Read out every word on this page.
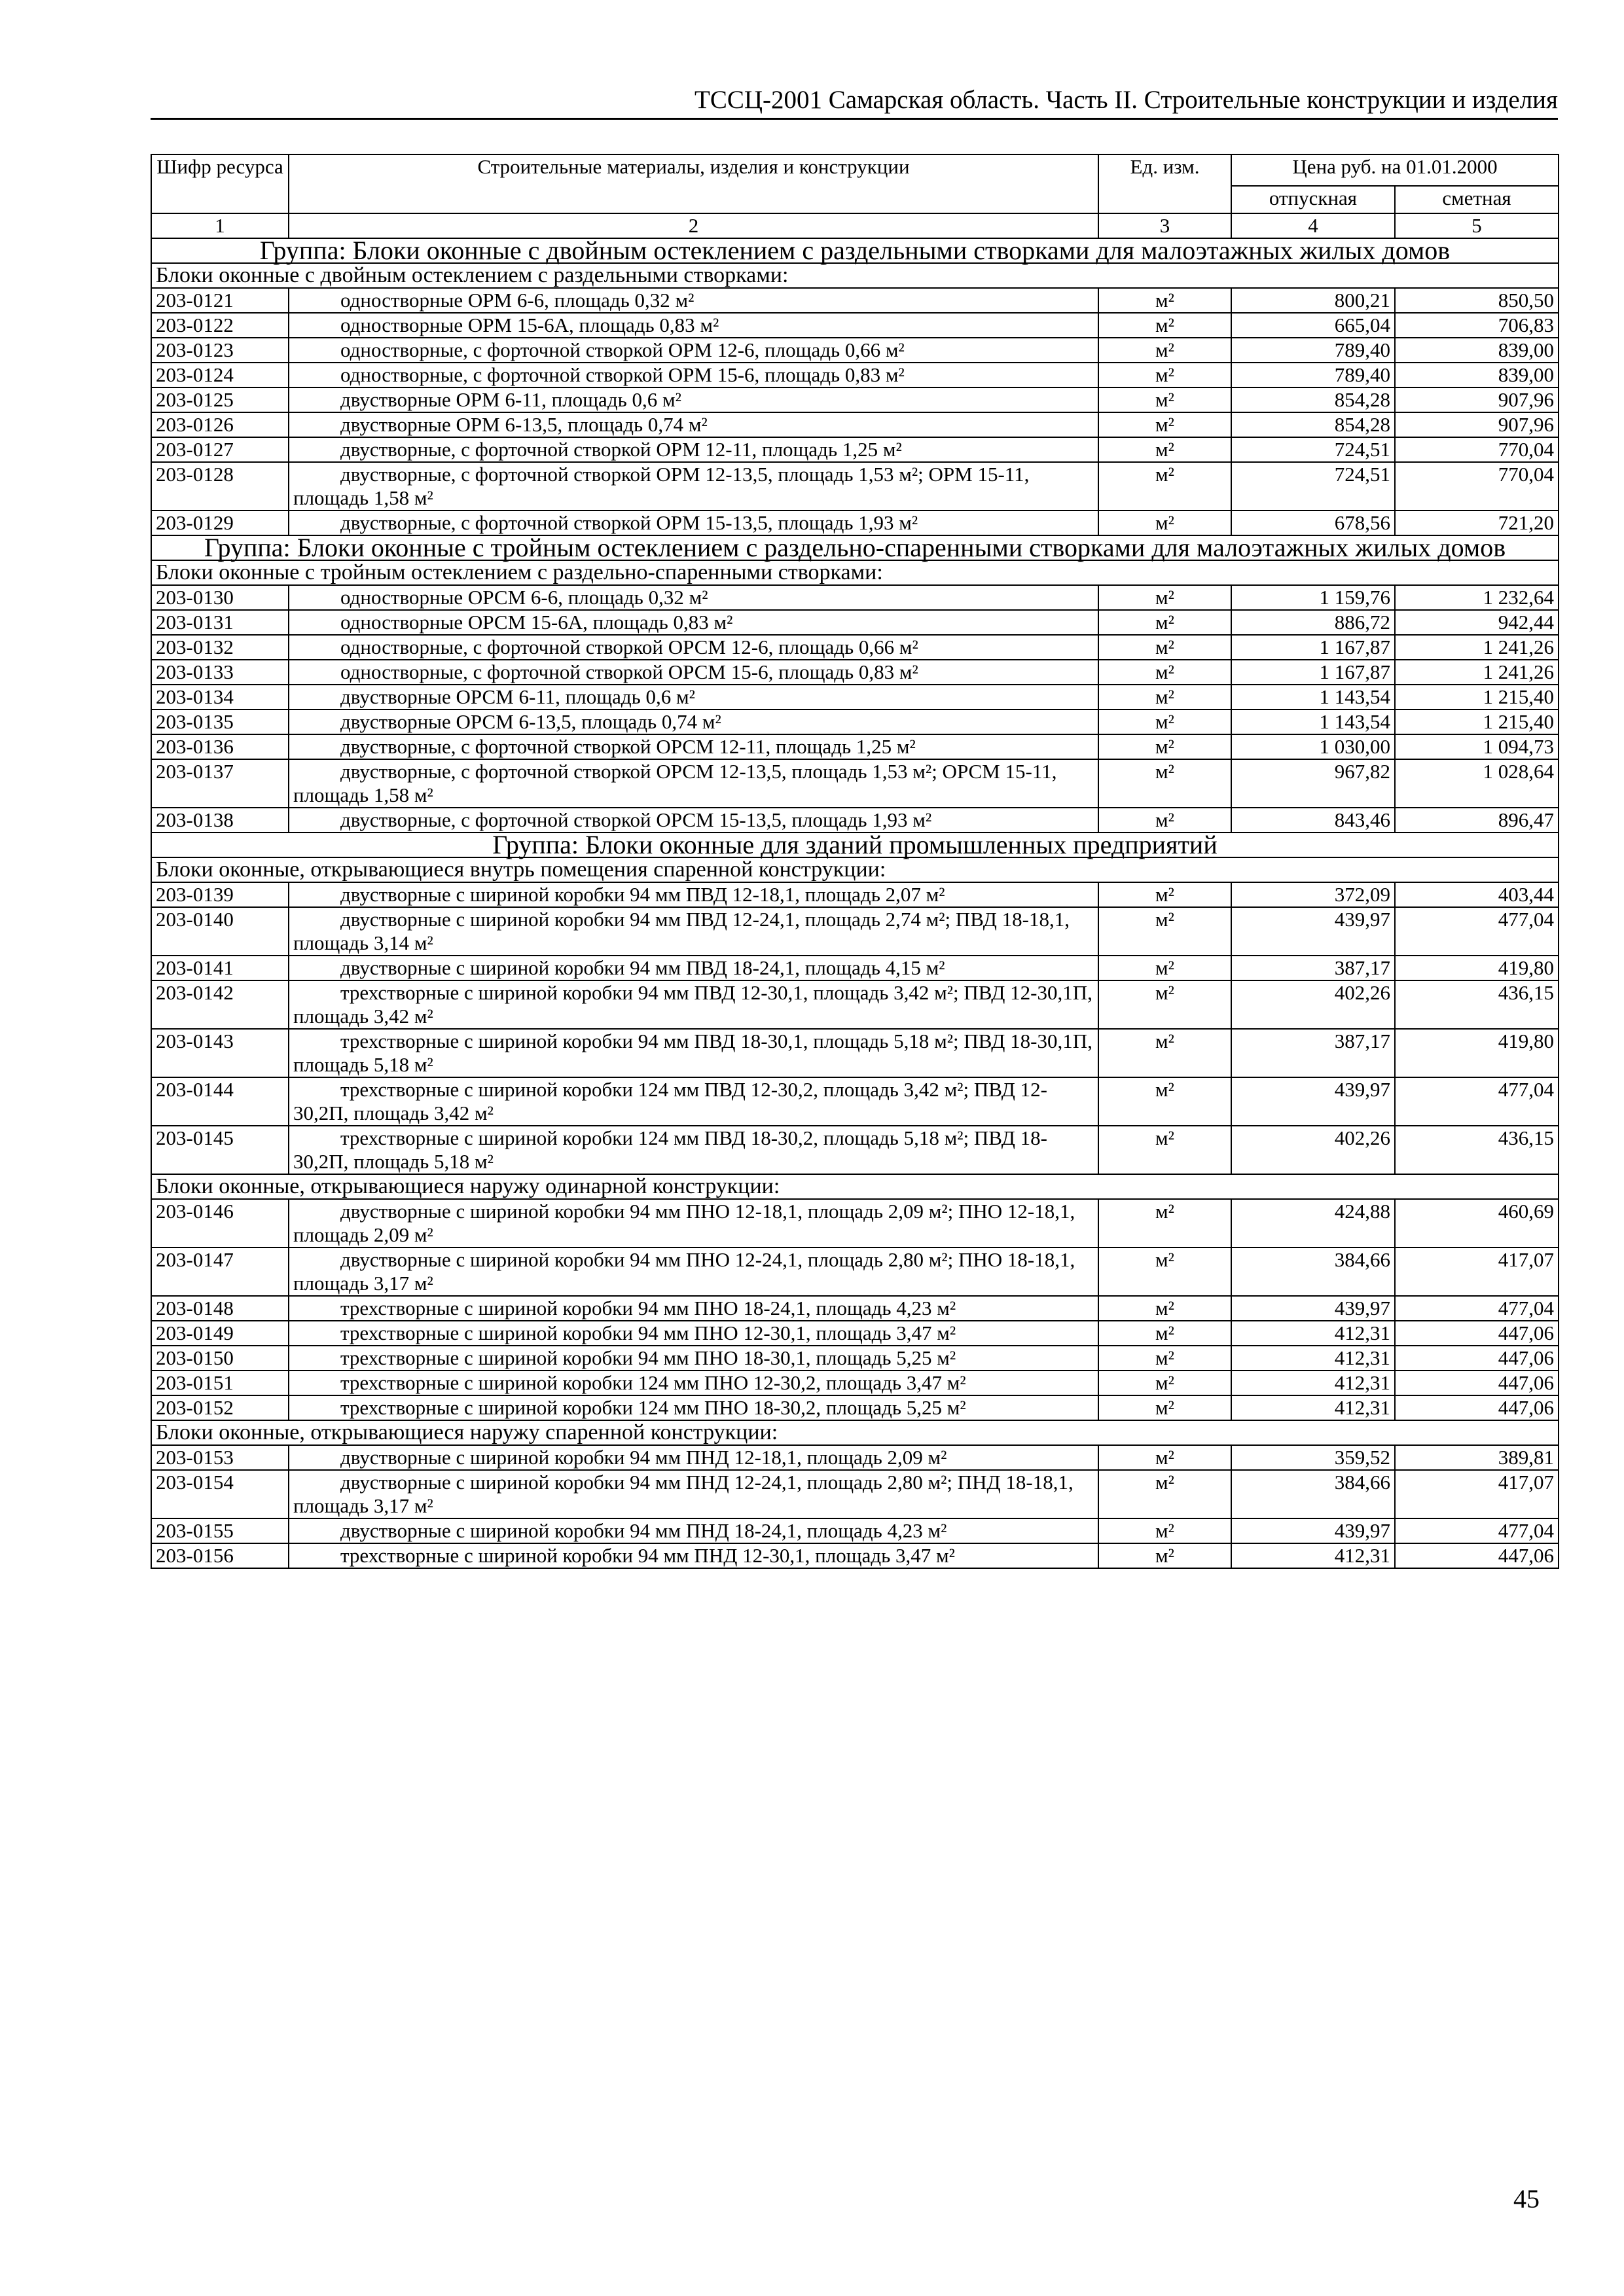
ТССЦ-2001 Самарская область. Часть II. Строительные конструкции и изделия
Шифр ресурса	Строительные материалы, изделия и конструкции	Ед. изм.	Цена руб. на 01.01.2000	
			отпускная	сметная
1	2	3	4	5
Группа: Блоки оконные с двойным остеклением с раздельными створками для малоэтажных жилых домов				
Блоки оконные с двойным остеклением с раздельными створками:				
203-0121	одностворные ОРМ 6-6, площадь 0,32 м²	м²	800,21	850,50
203-0122	одностворные ОРМ 15-6А, площадь 0,83 м²	м²	665,04	706,83
203-0123	одностворные, с форточной створкой ОРМ 12-6, площадь 0,66 м²	м²	789,40	839,00
203-0124	одностворные, с форточной створкой ОРМ 15-6, площадь 0,83 м²	м²	789,40	839,00
203-0125	двустворные ОРМ 6-11, площадь 0,6 м²	м²	854,28	907,96
203-0126	двустворные ОРМ 6-13,5, площадь 0,74 м²	м²	854,28	907,96
203-0127	двустворные, с форточной створкой ОРМ 12-11, площадь 1,25 м²	м²	724,51	770,04
203-0128	двустворные, с форточной створкой ОРМ 12-13,5, площадь 1,53 м²; ОРМ 15-11, площадь 1,58 м²	м²	724,51	770,04
203-0129	двустворные, с форточной створкой ОРМ 15-13,5, площадь 1,93 м²	м²	678,56	721,20
Группа: Блоки оконные с тройным остеклением с раздельно-спаренными створками для малоэтажных жилых домов				
Блоки оконные с тройным остеклением с раздельно-спаренными створками:				
203-0130	одностворные ОРСМ 6-6, площадь 0,32 м²	м²	1 159,76	1 232,64
203-0131	одностворные ОРСМ 15-6А, площадь 0,83 м²	м²	886,72	942,44
203-0132	одностворные, с форточной створкой ОРСМ 12-6, площадь 0,66 м²	м²	1 167,87	1 241,26
203-0133	одностворные, с форточной створкой ОРСМ 15-6, площадь 0,83 м²	м²	1 167,87	1 241,26
203-0134	двустворные ОРСМ 6-11, площадь 0,6 м²	м²	1 143,54	1 215,40
203-0135	двустворные ОРСМ 6-13,5, площадь 0,74 м²	м²	1 143,54	1 215,40
203-0136	двустворные, с форточной створкой ОРСМ 12-11, площадь 1,25 м²	м²	1 030,00	1 094,73
203-0137	двустворные, с форточной створкой ОРСМ 12-13,5, площадь 1,53 м²; ОРСМ 15-11, площадь 1,58 м²	м²	967,82	1 028,64
203-0138	двустворные, с форточной створкой ОРСМ 15-13,5, площадь 1,93 м²	м²	843,46	896,47
Группа: Блоки оконные для зданий промышленных предприятий				
Блоки оконные, открывающиеся внутрь помещения спаренной конструкции:				
203-0139	двустворные с шириной коробки 94 мм ПВД 12-18,1, площадь 2,07 м²	м²	372,09	403,44
203-0140	двустворные с шириной коробки 94 мм ПВД 12-24,1, площадь 2,74 м²; ПВД 18-18,1, площадь 3,14 м²	м²	439,97	477,04
203-0141	двустворные с шириной коробки 94 мм ПВД 18-24,1, площадь 4,15 м²	м²	387,17	419,80
203-0142	трехстворные с шириной коробки 94 мм ПВД 12-30,1, площадь 3,42 м²; ПВД 12-30,1П, площадь 3,42 м²	м²	402,26	436,15
203-0143	трехстворные с шириной коробки 94 мм ПВД 18-30,1, площадь 5,18 м²; ПВД 18-30,1П, площадь 5,18 м²	м²	387,17	419,80
203-0144	трехстворные с шириной коробки 124 мм ПВД 12-30,2, площадь 3,42 м²; ПВД 12-30,2П, площадь 3,42 м²	м²	439,97	477,04
203-0145	трехстворные с шириной коробки 124 мм ПВД 18-30,2, площадь 5,18 м²; ПВД 18-30,2П, площадь 5,18 м²	м²	402,26	436,15
Блоки оконные, открывающиеся наружу одинарной конструкции:				
203-0146	двустворные с шириной коробки 94 мм ПНО 12-18,1, площадь 2,09 м²; ПНО 12-18,1, площадь 2,09 м²	м²	424,88	460,69
203-0147	двустворные с шириной коробки 94 мм ПНО 12-24,1, площадь 2,80 м²; ПНО 18-18,1, площадь 3,17 м²	м²	384,66	417,07
203-0148	трехстворные с шириной коробки 94 мм ПНО 18-24,1, площадь 4,23 м²	м²	439,97	477,04
203-0149	трехстворные с шириной коробки 94 мм ПНО 12-30,1, площадь 3,47 м²	м²	412,31	447,06
203-0150	трехстворные с шириной коробки 94 мм ПНО 18-30,1, площадь 5,25 м²	м²	412,31	447,06
203-0151	трехстворные с шириной коробки 124 мм ПНО 12-30,2, площадь 3,47 м²	м²	412,31	447,06
203-0152	трехстворные с шириной коробки 124 мм ПНО 18-30,2, площадь 5,25 м²	м²	412,31	447,06
Блоки оконные, открывающиеся наружу спаренной конструкции:				
203-0153	двустворные с шириной коробки 94 мм ПНД 12-18,1, площадь 2,09 м²	м²	359,52	389,81
203-0154	двустворные с шириной коробки 94 мм ПНД 12-24,1, площадь 2,80 м²; ПНД 18-18,1, площадь 3,17 м²	м²	384,66	417,07
203-0155	двустворные с шириной коробки 94 мм ПНД 18-24,1, площадь 4,23 м²	м²	439,97	477,04
203-0156	трехстворные с шириной коробки 94 мм ПНД 12-30,1, площадь 3,47 м²	м²	412,31	447,06
45
